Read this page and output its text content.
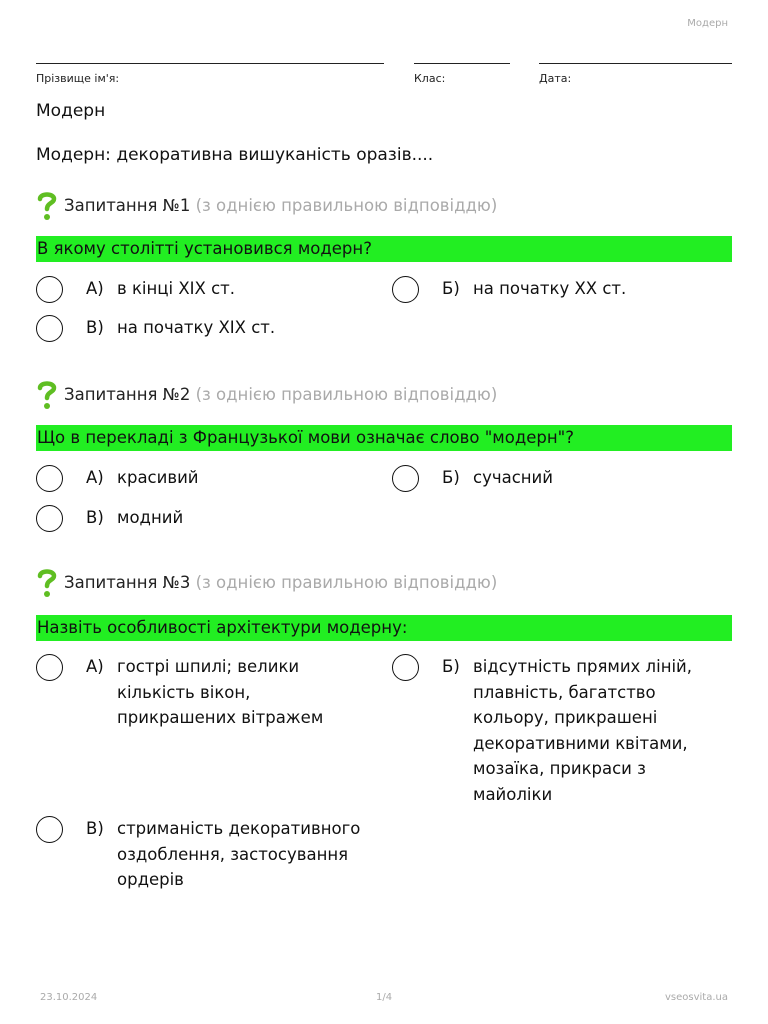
Модерн
Прізвище ім'я:	Клас:	Дата:
Модерн
Модерн: декоративна вишуканість оразів....
Запитання №1 (з однією правильною відповіддю)
В якому столітті установився модерн?
А) в кінці XIX ст.	Б) на початку ХХ ст.
В) на початку XIX ст.
Запитання №2 (з однією правильною відповіддю)
Що в перекладі з Французької мови означає слово "модерн"?
А) красивий	Б) сучасний
В) модний
Запитання №3 (з однією правильною відповіддю)
Назвіть особливості архітектури модерну:
А) гострі шпилі; велики кількість вікон, прикрашених вітражем
Б) відсутність прямих ліній, плавність, багатство кольору, прикрашені декоративними квітами, мозаїка, прикраси з майоліки
В) стриманість декоративного оздоблення, застосування ордерів
23.10.2024	1/4	vseosvita.ua
